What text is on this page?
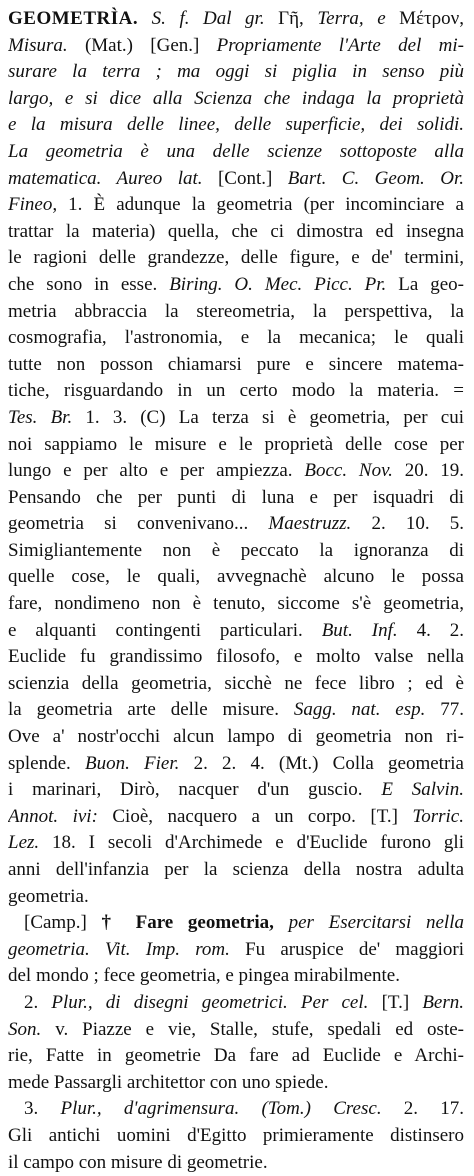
GEOMETRÌA. S. f. Dal gr. Γῆ, Terra, e Μέτρον,
Misura. (Mat.) [Gen.] Propriamente l'Arte del mi-
surare la terra ; ma oggi si piglia in senso più
largo, e si dice alla Scienza che indaga la proprietà
e la misura delle linee, delle superficie, dei solidi.
La geometria è una delle scienze sottoposte alla
matematica. Aureo lat. [Cont.] Bart. C. Geom. Or.
Fineo, 1. È adunque la geometria (per incominciare a
trattar la materia) quella, che ci dimostra ed insegna
le ragioni delle grandezze, delle figure, e de' termini,
che sono in esse. Biring. O. Mec. Picc. Pr. La geo-
metria abbraccia la stereometria, la perspettiva, la
cosmografia, l'astronomia, e la mecanica; le quali
tutte non posson chiamarsi pure e sincere matema-
tiche, risguardando in un certo modo la materia. =
Tes. Br. 1. 3. (C) La terza si è geometria, per cui
noi sappiamo le misure e le proprietà delle cose per
lungo e per alto e per ampiezza. Bocc. Nov. 20. 19.
Pensando che per punti di luna e per isquadri di
geometria si convenivano... Maestruzz. 2. 10. 5.
Simigliantemente non è peccato la ignoranza di
quelle cose, le quali, avvegnachè alcuno le possa
fare, nondimeno non è tenuto, siccome s'è geometria,
e alquanti contingenti particulari. But. Inf. 4. 2.
Euclide fu grandissimo filosofo, e molto valse nella
scienzia della geometria, sicchè ne fece libro ; ed è
la geometria arte delle misure. Sagg. nat. esp. 77.
Ove a' nostr'occhi alcun lampo di geometria non ri-
splende. Buon. Fier. 2. 2. 4. (Mt.) Colla geometria
i marinari, Dirò, nacquer d'un guscio. E Salvin.
Annot. ivi: Cioè, nacquero a un corpo. [T.] Torric.
Lez. 18. I secoli d'Archimede e d'Euclide furono gli
anni dell'infanzia per la scienza della nostra adulta
geometria.
[Camp.] † Fare geometria, per Esercitarsi nella
geometria. Vit. Imp. rom. Fu aruspice de' maggiori
del mondo ; fece geometria, e pingea mirabilmente.
2. Plur., di disegni geometrici. Per cel. [T.] Bern.
Son. v. Piazze e vie, Stalle, stufe, spedali ed oste-
rie, Fatte in geometrie Da fare ad Euclide e Archi-
mede Passargli architettor con uno spiede.
3. Plur., d'agrimensura. (Tom.) Cresc. 2. 17.
Gli antichi uomini d'Egitto primieramente distinsero
il campo con misure di geometrie.
